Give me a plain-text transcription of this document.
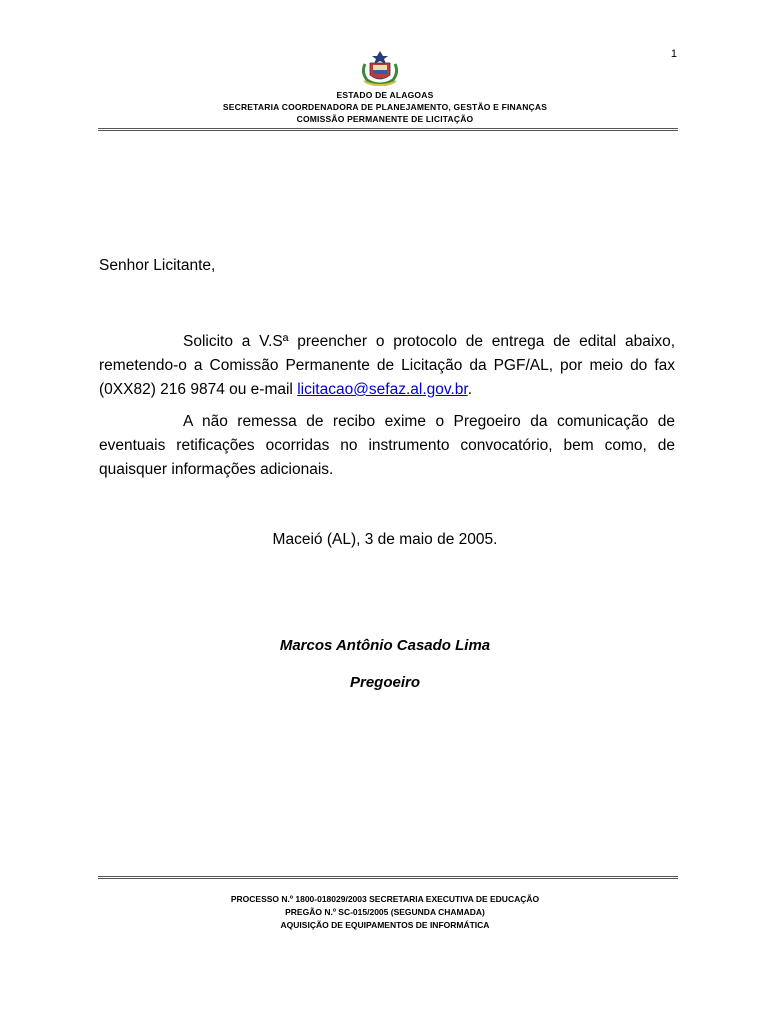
1
ESTADO DE ALAGOAS
SECRETARIA COORDENADORA DE PLANEJAMENTO, GESTÃO E FINANÇAS
COMISSÃO PERMANENTE DE LICITAÇÃO
Senhor Licitante,
Solicito a V.Sª preencher o protocolo de entrega de edital abaixo, remetendo-o a Comissão Permanente de Licitação da PGF/AL, por meio do fax (0XX82) 216 9874 ou e-mail licitacao@sefaz.al.gov.br.
A não remessa de recibo exime o Pregoeiro da comunicação de eventuais retificações ocorridas no instrumento convocatório, bem como, de quaisquer informações adicionais.
Maceió (AL), 3 de maio de 2005.
Marcos Antônio Casado Lima
Pregoeiro
PROCESSO N.º 1800-018029/2003 SECRETARIA EXECUTIVA DE EDUCAÇÃO
PREGÃO N.º SC-015/2005 (SEGUNDA CHAMADA)
AQUISIÇÃO DE EQUIPAMENTOS DE INFORMÁTICA
